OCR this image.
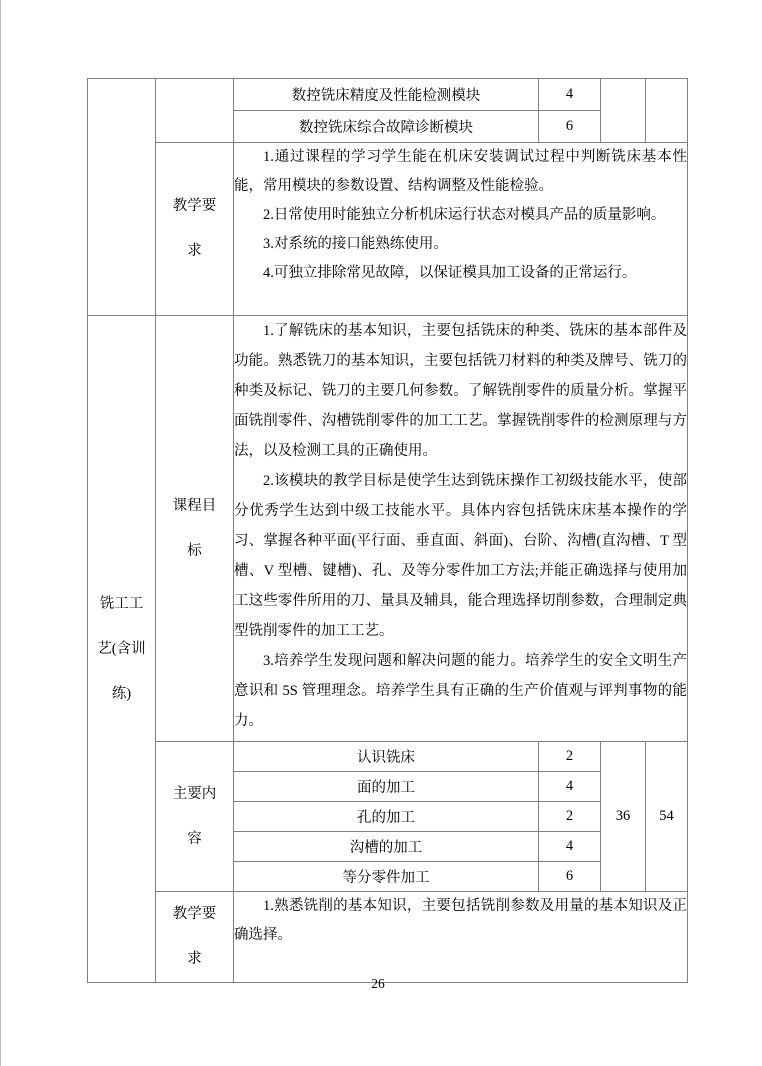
		数控铣床精度及性能检测模块	4		
		数控铣床综合故障诊断模块	6		

	教学要求	1.通过课程的学习学生能在机床安装调试过程中判断铣床基本性能，常用模块的参数设置、结构调整及性能检验。

2.日常使用时能独立分析机床运行状态对模具产品的质量影响。

3.对系统的接口能熟练使用。

4.可独立排除常见故障，以保证模具加工设备的正常运行。			

铣工工艺(含训练)	课程目标	1.了解铣床的基本知识，主要包括铣床的种类、铣床的基本部件及功能。熟悉铣刀的基本知识，主要包括铣刀材料的种类及牌号、铣刀的种类及标记、铣刀的主要几何参数。了解铣削零件的质量分析。掌握平面铣削零件、沟槽铣削零件的加工工艺。掌握铣削零件的检测原理与方法，以及检测工具的正确使用。

2.该模块的教学目标是使学生达到铣床操作工初级技能水平，使部分优秀学生达到中级工技能水平。具体内容包括铣床床基本操作的学习、掌握各种平面(平行面、垂直面、斜面)、台阶、沟槽(直沟槽、T 型槽、V 型槽、键槽)、孔、及等分零件加工方法;并能正确选择与使用加工这些零件所用的刀、量具及辅具，能合理选择切削参数，合理制定典型铣削零件的加工工艺。

3.培养学生发现问题和解决问题的能力。培养学生的安全文明生产意识和 5S 管理理念。培养学生具有正确的生产价值观与评判事物的能力。			

	主要内容	认识铣床	2	36	54
		面的加工	4		
		孔的加工	2		
		沟槽的加工	4		
		等分零件加工	6		

	教学要求	1.熟悉铣削的基本知识，主要包括铣削参数及用量的基本知识及正确选择。			

26
